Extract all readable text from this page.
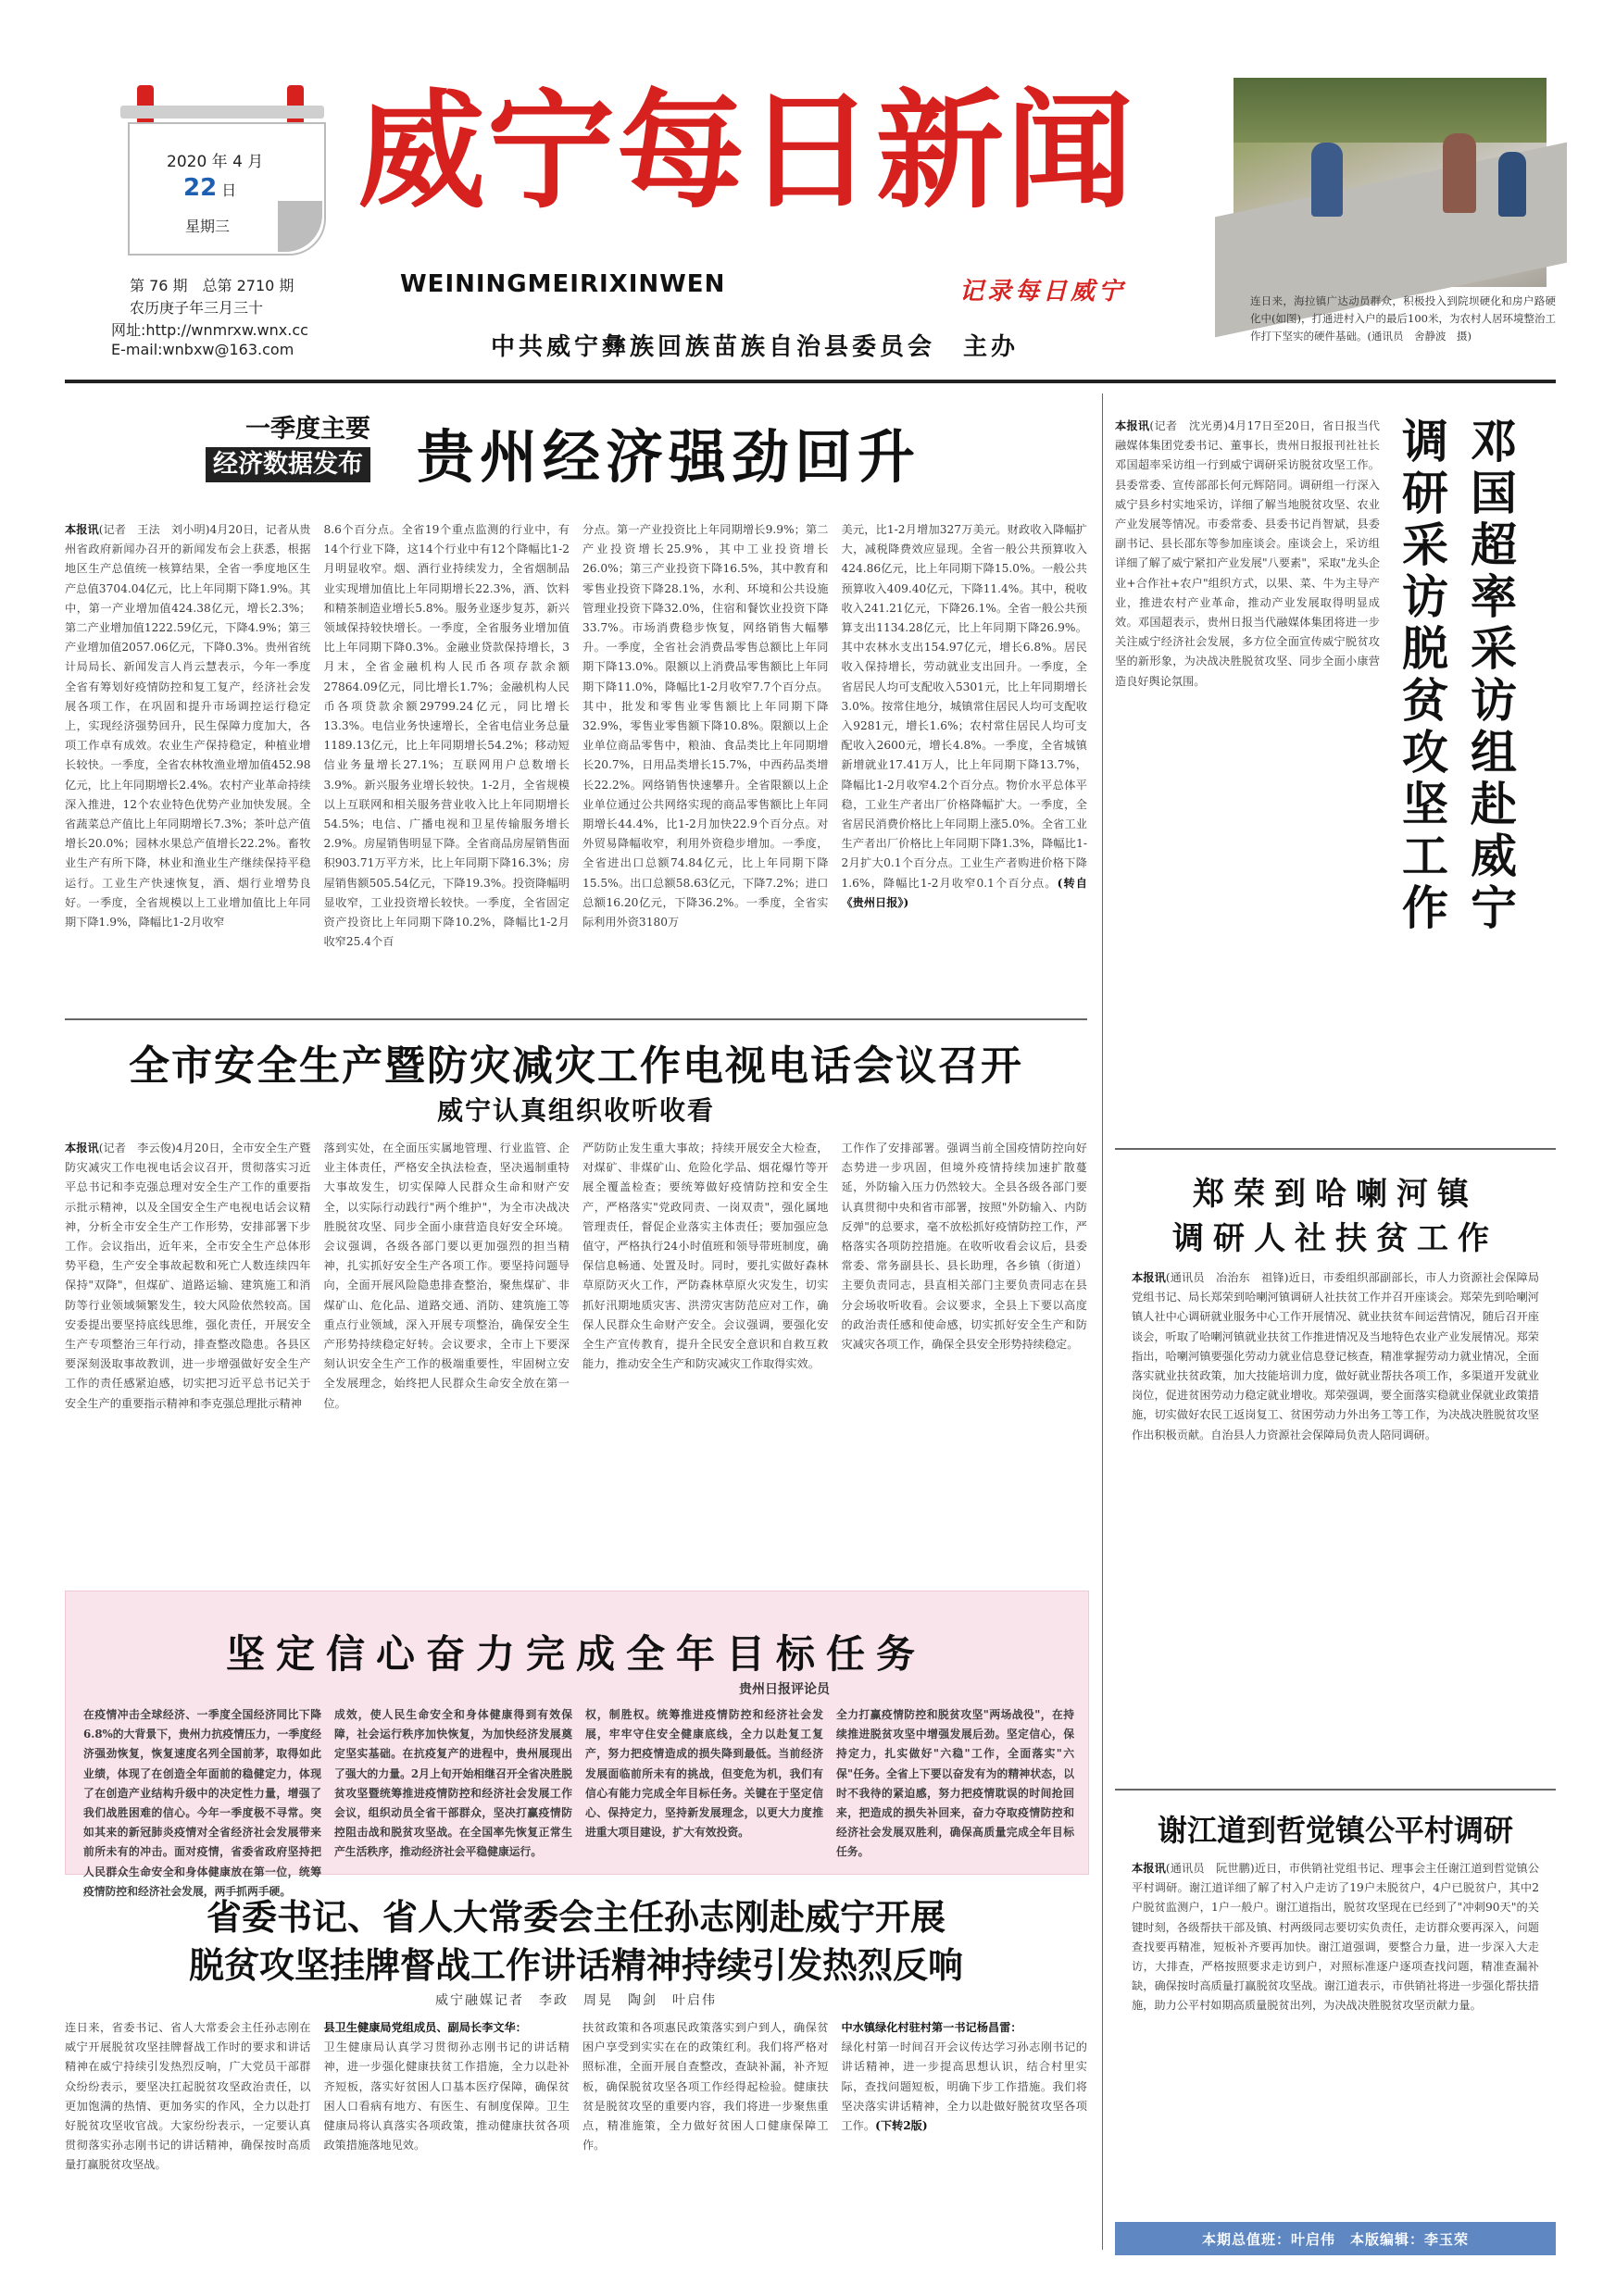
2020 年 4 月
22 日
星期三
第 76 期　总第 2710 期
农历庚子年三月三十
网址:http://wnmrxw.wnx.cc
E-mail:wnbxw@163.com
威宁每日新闻
WEININGMEIRIXINWEN	记录每日威宁
中共威宁彝族回族苗族自治县委员会　主办
连日来，海拉镇广达动员群众，积极投入到院坝硬化和房户路硬化中(如图)，打通进村入户的最后100米，为农村人居环境整治工作打下坚实的硬件基础。(通讯员　舍静波　摄)
一季度主要
经济数据发布 贵州经济强劲回升
本报讯(记者　王法　刘小明)4月20日，记者从贵州省政府新闻办召开的新闻发布会上获悉，根据地区生产总值统一核算结果，全省一季度地区生产总值3704.04亿元，比上年同期下降1.9%。其中，第一产业增加值424.38亿元，增长2.3%；第二产业增加值1222.59亿元，下降4.9%；第三产业增加值2057.06亿元，下降0.3%。贵州省统计局局长、新闻发言人肖云慧表示，今年一季度全省有筹划好疫情防控和复工复产，经济社会发展各项工作，在巩固和提升市场调控运行稳定上，实现经济强势回升，民生保障力度加大，各项工作卓有成效。农业生产保持稳定，种植业增长较快。一季度，全省农林牧渔业增加值452.98亿元，比上年同期增长2.4%。农村产业革命持续深入推进，12个农业特色优势产业加快发展。全省蔬菜总产值比上年同期增长7.3%；茶叶总产值增长20.0%；园林水果总产值增长22.2%。畜牧业生产有所下降，林业和渔业生产继续保持平稳运行。工业生产快速恢复，酒、烟行业增势良好。一季度，全省规模以上工业增加值比上年同期下降1.9%，降幅比1-2月收窄
8.6个百分点。全省19个重点监测的行业中，有14个行业下降，这14个行业中有12个降幅比1-2月明显收窄。烟、酒行业持续发力，全省烟制品业实现增加值比上年同期增长22.3%，酒、饮料和精茶制造业增长5.8%。服务业逐步复苏，新兴领域保持较快增长。一季度，全省服务业增加值比上年同期下降0.3%。金融业贷款保持增长，3月末，全省金融机构人民币各项存款余额27864.09亿元，同比增长1.7%；金融机构人民币各项贷款余额29799.24亿元，同比增长13.3%。电信业务快速增长，全省电信业务总量1189.13亿元，比上年同期增长54.2%；移动短信业务量增长27.1%；互联网用户总数增长3.9%。新兴服务业增长较快。1-2月，全省规模以上互联网和相关服务营业收入比上年同期增长54.5%；电信、广播电视和卫星传输服务增长2.9%。房屋销售明显下降。全省商品房屋销售面积903.71万平方米，比上年同期下降16.3%；房屋销售额505.54亿元，下降19.3%。投资降幅明显收窄，工业投资增长较快。一季度，全省固定资产投资比上年同期下降10.2%，降幅比1-2月收窄25.4个百
分点。第一产业投资比上年同期增长9.9%；第二产业投资增长25.9%，其中工业投资增长26.0%；第三产业投资下降16.5%，其中教育和零售业投资下降28.1%，水利、环境和公共设施管理业投资下降32.0%，住宿和餐饮业投资下降33.7%。市场消费稳步恢复，网络销售大幅攀升。一季度，全省社会消费品零售总额比上年同期下降13.0%。限额以上消费品零售额比上年同期下降11.0%，降幅比1-2月收窄7.7个百分点。其中，批发和零售业零售额比上年同期下降32.9%，零售业零售额下降10.8%。限额以上企业单位商品零售中，粮油、食品类比上年同期增长20.7%，日用品类增长15.7%，中西药品类增长22.2%。网络销售快速攀升。全省限额以上企业单位通过公共网络实现的商品零售额比上年同期增长44.4%，比1-2月加快22.9个百分点。对外贸易降幅收窄，利用外资稳步增加。一季度，全省进出口总额74.84亿元，比上年同期下降15.5%。出口总额58.63亿元，下降7.2%；进口总额16.20亿元，下降36.2%。一季度，全省实际利用外资3180万
美元，比1-2月增加327万美元。财政收入降幅扩大，减税降费效应显现。全省一般公共预算收入424.86亿元，比上年同期下降15.0%。一般公共预算收入409.40亿元，下降11.4%。其中，税收收入241.21亿元，下降26.1%。全省一般公共预算支出1134.28亿元，比上年同期下降26.9%。其中农林水支出154.97亿元，增长6.8%。居民收入保持增长，劳动就业支出回升。一季度，全省居民人均可支配收入5301元，比上年同期增长3.0%。按常住地分，城镇常住居民人均可支配收入9281元，增长1.6%；农村常住居民人均可支配收入2600元，增长4.8%。一季度，全省城镇新增就业17.41万人，比上年同期下降13.7%，降幅比1-2月收窄4.2个百分点。物价水平总体平稳，工业生产者出厂价格降幅扩大。一季度，全省居民消费价格比上年同期上涨5.0%。全省工业生产者出厂价格比上年同期下降1.3%，降幅比1-2月扩大0.1个百分点。工业生产者购进价格下降1.6%，降幅比1-2月收窄0.1个百分点。(转自《贵州日报》)
全市安全生产暨防灾减灾工作电视电话会议召开
威宁认真组织收听收看
本报讯(记者　李云俊)4月20日，全市安全生产暨防灾减灾工作电视电话会议召开，贯彻落实习近平总书记和李克强总理对安全生产工作的重要指示批示精神，以及全国安全生产电视电话会议精神，分析全市安全生产工作形势，安排部署下步工作。会议指出，近年来，全市安全生产总体形势平稳，生产安全事故起数和死亡人数连续四年保持"双降"，但煤矿、道路运输、建筑施工和消防等行业领域频繁发生，较大风险依然较高。国安委提出要坚持底线思维，强化责任，开展安全生产专项整治三年行动，排查整改隐患。各县区要深刻汲取事故教训，进一步增强做好安全生产工作的责任感紧迫感，切实把习近平总书记关于安全生产的重要指示精神和李克强总理批示精神
落到实处，在全面压实属地管理、行业监管、企业主体责任，严格安全执法检查，坚决遏制重特大事故发生，切实保障人民群众生命和财产安全，以实际行动践行"两个维护"，为全市决战决胜脱贫攻坚、同步全面小康营造良好安全环境。会议强调，各级各部门要以更加强烈的担当精神，扎实抓好安全生产各项工作。要坚持问题导向，全面开展风险隐患排查整治，聚焦煤矿、非煤矿山、危化品、道路交通、消防、建筑施工等重点行业领域，深入开展专项整治，确保安全生产形势持续稳定好转。会议要求，全市上下要深刻认识安全生产工作的极端重要性，牢固树立安全发展理念，始终把人民群众生命安全放在第一位。
严防防止发生重大事故；持续开展安全大检查，对煤矿、非煤矿山、危险化学品、烟花爆竹等开展全覆盖检查；要统筹做好疫情防控和安全生产，严格落实"党政同责、一岗双责"，强化属地管理责任，督促企业落实主体责任；要加强应急值守，严格执行24小时值班和领导带班制度，确保信息畅通、处置及时。同时，要扎实做好森林草原防灭火工作，严防森林草原火灾发生，切实抓好汛期地质灾害、洪涝灾害防范应对工作，确保人民群众生命财产安全。会议强调，要强化安全生产宣传教育，提升全民安全意识和自救互救能力，推动安全生产和防灾减灾工作取得实效。
工作作了安排部署。强调当前全国疫情防控向好态势进一步巩固，但境外疫情持续加速扩散蔓延，外防输入压力仍然较大。全县各级各部门要认真贯彻中央和省市部署，按照"外防输入、内防反弹"的总要求，毫不放松抓好疫情防控工作，严格落实各项防控措施。在收听收看会议后，县委常委、常务副县长、县长助理，各乡镇（街道）主要负责同志，县直相关部门主要负责同志在县分会场收听收看。会议要求，全县上下要以高度的政治责任感和使命感，切实抓好安全生产和防灾减灾各项工作，确保全县安全形势持续稳定。
坚定信心奋力完成全年目标任务
贵州日报评论员
在疫情冲击全球经济、一季度全国经济同比下降6.8%的大背景下，贵州力抗疫情压力，一季度经济强劲恢复，恢复速度名列全国前茅，取得如此业绩，体现了在创造全年面前的稳健定力，体现了在创造产业结构升级中的决定性力量，增强了我们战胜困难的信心。今年一季度极不寻常。突如其来的新冠肺炎疫情对全省经济社会发展带来前所未有的冲击。面对疫情，省委省政府坚持把人民群众生命安全和身体健康放在第一位，统筹疫情防控和经济社会发展，两手抓两手硬。
成效，使人民生命安全和身体健康得到有效保障，社会运行秩序加快恢复，为加快经济发展奠定坚实基础。在抗疫复产的进程中，贵州展现出了强大的力量。2月上旬开始相继召开全省决胜脱贫攻坚暨统筹推进疫情防控和经济社会发展工作会议，组织动员全省干部群众，坚决打赢疫情防控阻击战和脱贫攻坚战。在全国率先恢复正常生产生活秩序，推动经济社会平稳健康运行。
权，制胜权。统筹推进疫情防控和经济社会发展，牢牢守住安全健康底线，全力以赴复工复产，努力把疫情造成的损失降到最低。当前经济发展面临前所未有的挑战，但变危为机，我们有信心有能力完成全年目标任务。关键在于坚定信心、保持定力，坚持新发展理念，以更大力度推进重大项目建设，扩大有效投资。
全力打赢疫情防控和脱贫攻坚"两场战役"，在持续推进脱贫攻坚中增强发展后劲。坚定信心，保持定力，扎实做好"六稳"工作，全面落实"六保"任务。全省上下要以奋发有为的精神状态，以时不我待的紧迫感，努力把疫情耽误的时间抢回来，把造成的损失补回来，奋力夺取疫情防控和经济社会发展双胜利，确保高质量完成全年目标任务。
省委书记、省人大常委会主任孙志刚赴威宁开展
脱贫攻坚挂牌督战工作讲话精神持续引发热烈反响
威宁融媒记者　李政　周晃　陶剑　叶启伟
连日来，省委书记、省人大常委会主任孙志刚在威宁开展脱贫攻坚挂牌督战工作时的要求和讲话精神在威宁持续引发热烈反响，广大党员干部群众纷纷表示，要坚决扛起脱贫攻坚政治责任，以更加饱满的热情、更加务实的作风，全力以赴打好脱贫攻坚收官战。大家纷纷表示，一定要认真贯彻落实孙志刚书记的讲话精神，确保按时高质量打赢脱贫攻坚战。
县卫生健康局党组成员、副局长李文华：
卫生健康局认真学习贯彻孙志刚书记的讲话精神，进一步强化健康扶贫工作措施，全力以赴补齐短板，落实好贫困人口基本医疗保障，确保贫困人口看病有地方、有医生、有制度保障。卫生健康局将认真落实各项政策，推动健康扶贫各项政策措施落地见效。
扶贫政策和各项惠民政策落实到户到人，确保贫困户享受到实实在在的政策红利。我们将严格对照标准，全面开展自查整改，查缺补漏，补齐短板，确保脱贫攻坚各项工作经得起检验。健康扶贫是脱贫攻坚的重要内容，我们将进一步聚焦重点，精准施策，全力做好贫困人口健康保障工作。
中水镇绿化村驻村第一书记杨昌雷：
绿化村第一时间召开会议传达学习孙志刚书记的讲话精神，进一步提高思想认识，结合村里实际，查找问题短板，明确下步工作措施。我们将坚决落实讲话精神，全力以赴做好脱贫攻坚各项工作。(下转2版)
本报讯(记者　沈光勇)4月17日至20日，省日报当代融媒体集团党委书记、董事长，贵州日报报刊社社长邓国超率采访组一行到威宁调研采访脱贫攻坚工作。县委常委、宣传部部长何元辉陪同。调研组一行深入威宁县乡村实地采访，详细了解当地脱贫攻坚、农业产业发展等情况。市委常委、县委书记肖智斌，县委副书记、县长邵东等参加座谈会。座谈会上，采访组详细了解了威宁紧扣产业发展"八要素"，采取"龙头企业+合作社+农户"组织方式，以果、菜、牛为主导产业，推进农村产业革命，推动产业发展取得明显成效。邓国超表示，贵州日报当代融媒体集团将进一步关注威宁经济社会发展，多方位全面宣传威宁脱贫攻坚的新形象，为决战决胜脱贫攻坚、同步全面小康营造良好舆论氛围。	调研采访脱贫攻坚工作 邓国超率采访组赴威宁
郑荣到哈喇河镇
调研人社扶贫工作
本报讯(通讯员　冶治东　祖锋)近日，市委组织部副部长，市人力资源社会保障局党组书记、局长郑荣到哈喇河镇调研人社扶贫工作并召开座谈会。郑荣先到哈喇河镇人社中心调研就业服务中心工作开展情况、就业扶贫车间运营情况，随后召开座谈会，听取了哈喇河镇就业扶贫工作推进情况及当地特色农业产业发展情况。郑荣指出，哈喇河镇要强化劳动力就业信息登记核查，精准掌握劳动力就业情况，全面落实就业扶贫政策，加大技能培训力度，做好就业帮扶各项工作，多渠道开发就业岗位，促进贫困劳动力稳定就业增收。郑荣强调，要全面落实稳就业保就业政策措施，切实做好农民工返岗复工、贫困劳动力外出务工等工作，为决战决胜脱贫攻坚作出积极贡献。自治县人力资源社会保障局负责人陪同调研。
谢江道到哲觉镇公平村调研
本报讯(通讯员　阮世鹏)近日，市供销社党组书记、理事会主任谢江道到哲觉镇公平村调研。谢江道详细了解了村入户走访了19户未脱贫户，4户已脱贫户，其中2户脱贫监测户，1户一般户。谢江道指出，脱贫攻坚现在已经到了"冲刺90天"的关键时刻，各级帮扶干部及镇、村两级同志要切实负责任，走访群众要再深入，问题查找要再精准，短板补齐要再加快。谢江道强调，要整合力量，进一步深入大走访，大排查，严格按照要求走访到户，对照标准逐户逐项查找问题，精准查漏补缺，确保按时高质量打赢脱贫攻坚战。谢江道表示，市供销社将进一步强化帮扶措施，助力公平村如期高质量脱贫出列，为决战决胜脱贫攻坚贡献力量。
本期总值班：叶启伟　本版编辑：李玉荣
